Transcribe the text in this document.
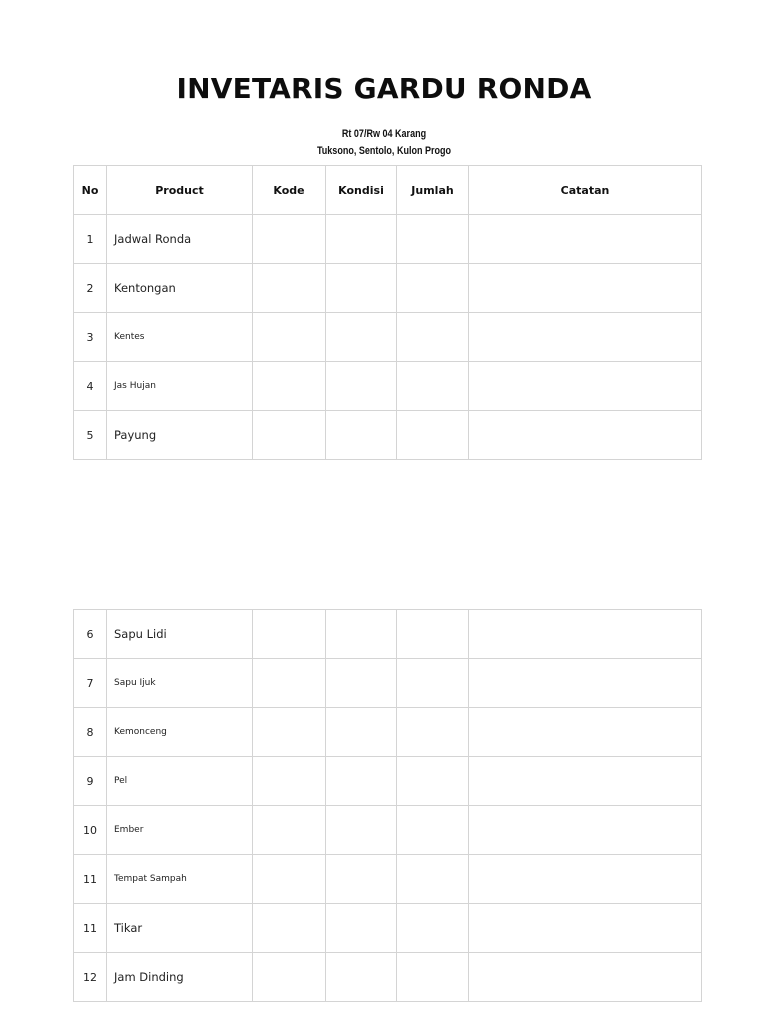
INVETARIS GARDU RONDA
Rt 07/Rw 04 Karang
Tuksono, Sentolo, Kulon Progo
No	Product	Kode	Kondisi	Jumlah	Catatan
1	Jadwal Ronda				
2	Kentongan				
3	Kentes				
4	Jas Hujan				
5	Payung				
6	Sapu Lidi				
7	Sapu Ijuk				
8	Kemonceng				
9	Pel				
10	Ember				
11	Tempat Sampah				
11	Tikar				
12	Jam Dinding				
